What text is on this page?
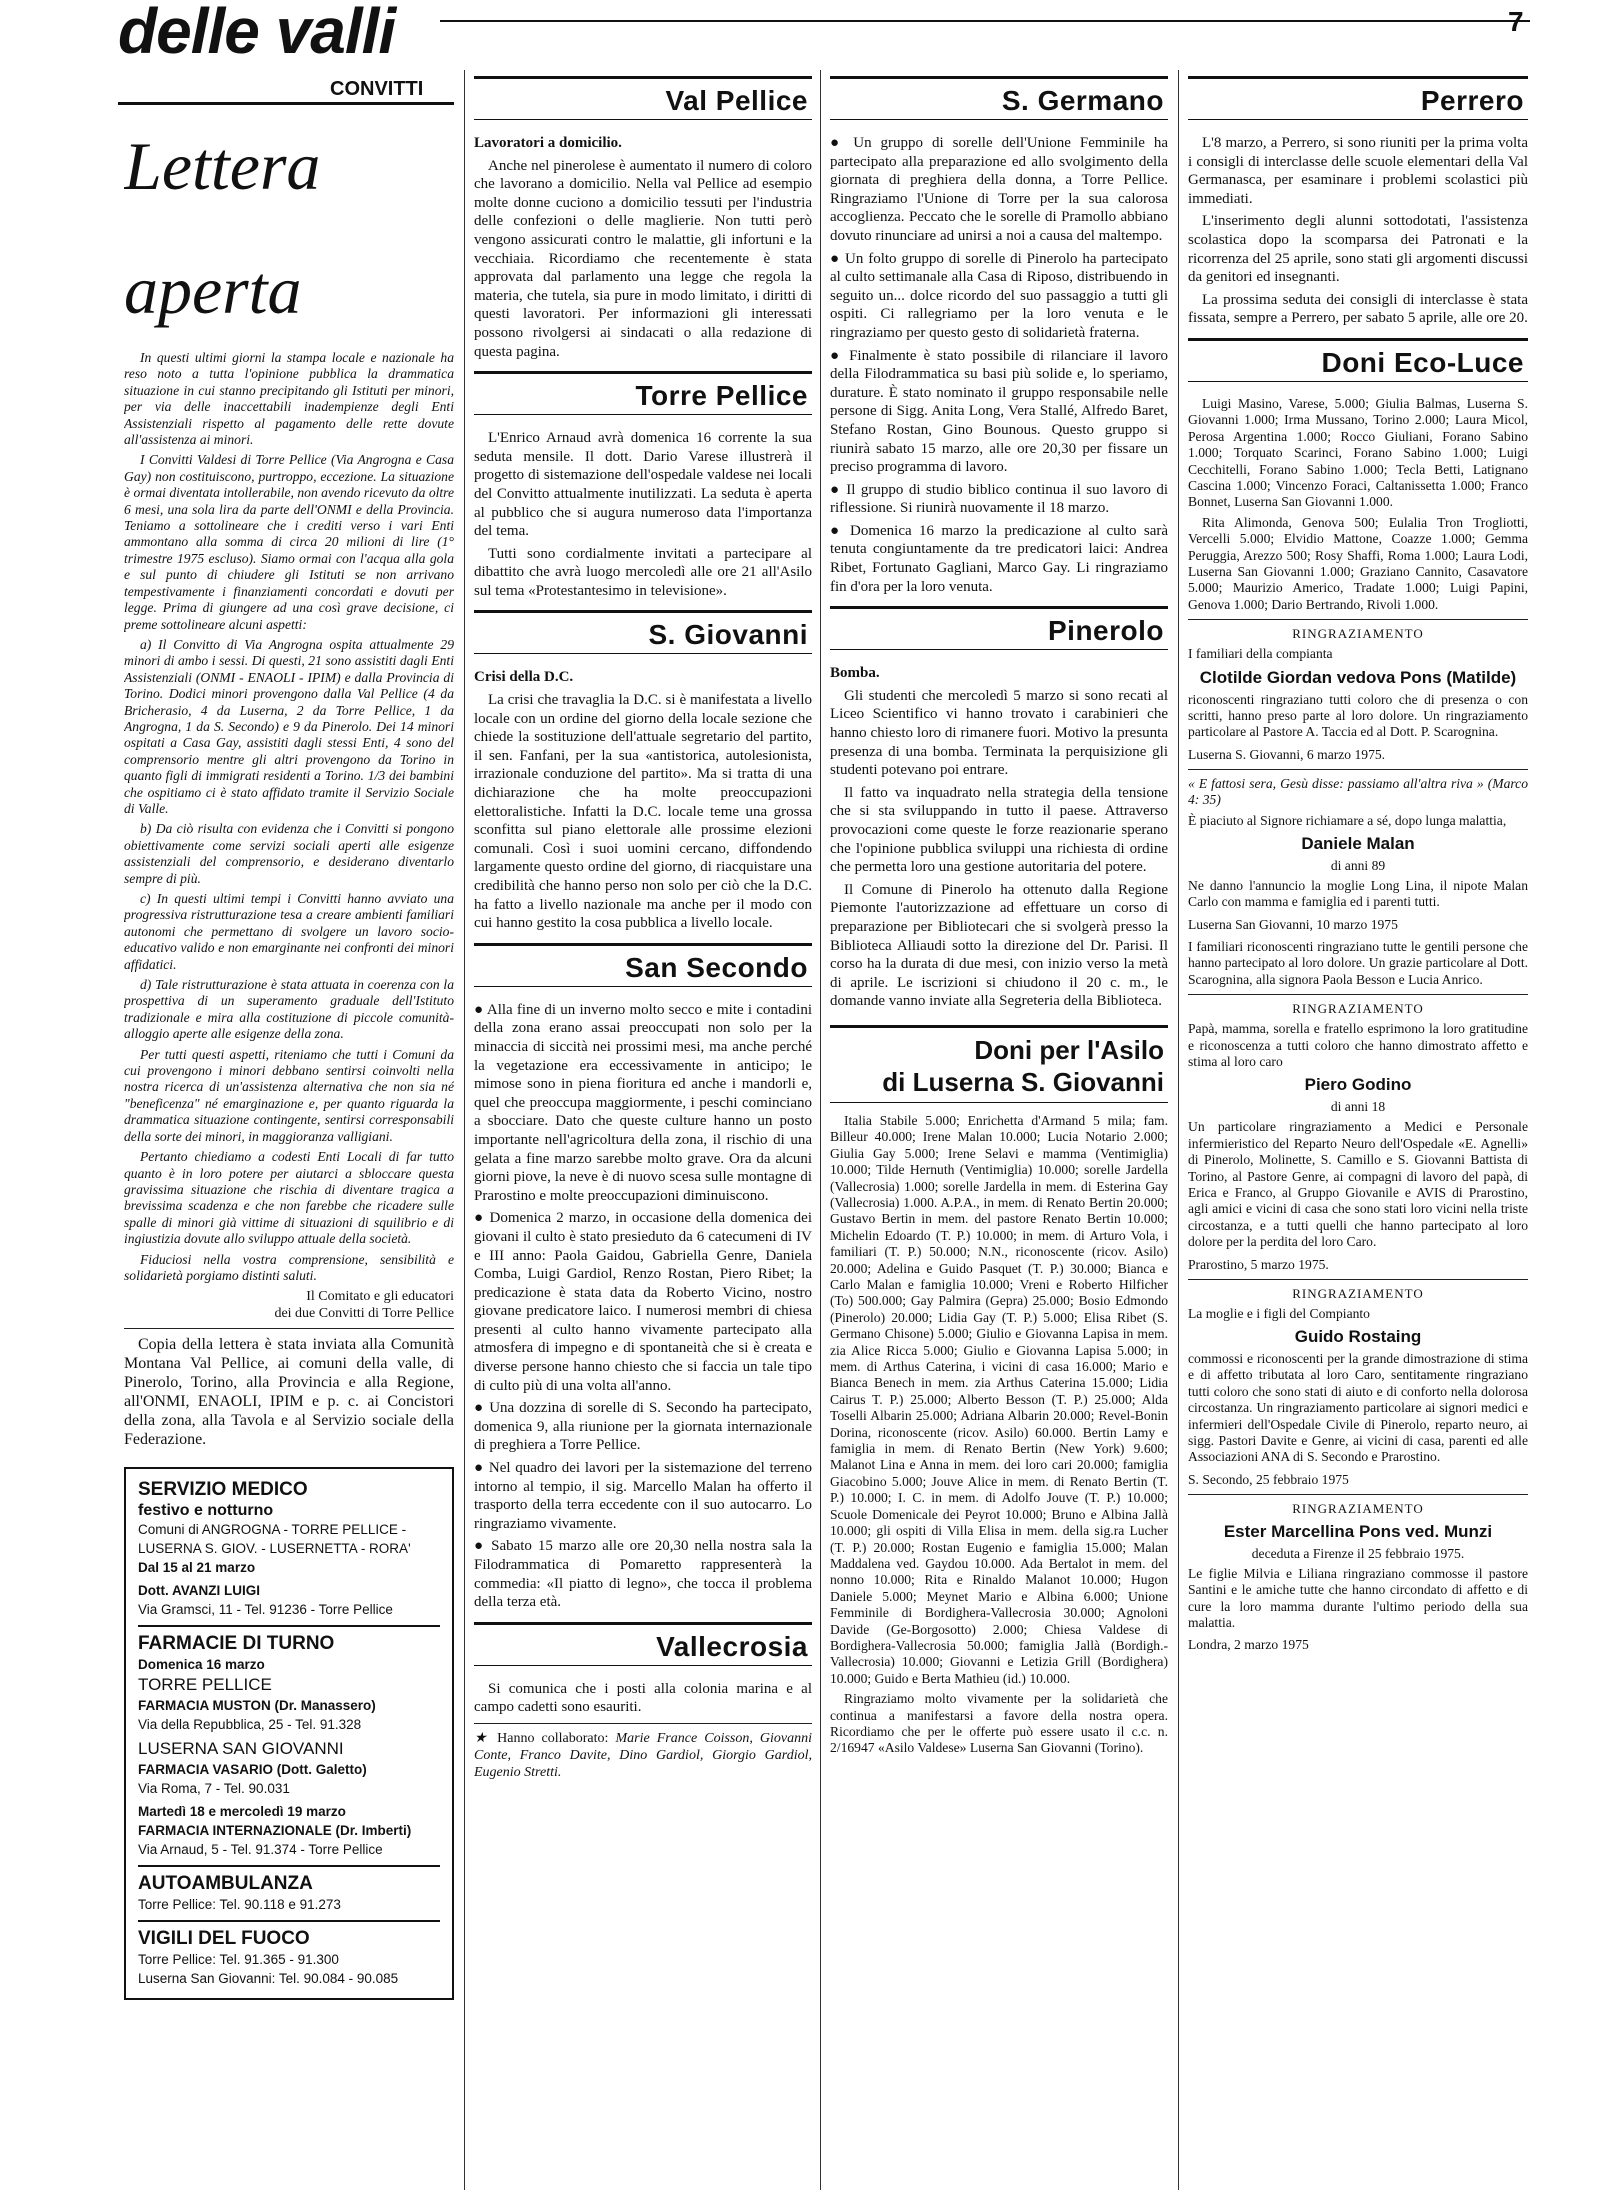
delle valli
CONVITTI
7
Lettera
aperta

In questi ultimi giorni la stampa locale e nazionale ha reso noto a tutta l'opinione pubblica la drammatica situazione in cui stanno precipitando gli Istituti per minori, per via delle inaccettabili inadempienze degli Enti Assistenziali rispetto al pagamento delle rette dovute all'assistenza ai minori.

I Convitti Valdesi di Torre Pellice (Via Angrogna e Casa Gay) non costituiscono, purtroppo, eccezione. La situazione è ormai diventata intollerabile, non avendo ricevuto da oltre 6 mesi, una sola lira da parte dell'ONMI e della Provincia. Teniamo a sottolineare che i crediti verso i vari Enti ammontano alla somma di circa 20 milioni di lire (1° trimestre 1975 escluso). Siamo ormai con l'acqua alla gola e sul punto di chiudere gli Istituti se non arrivano tempestivamente i finanziamenti concordati e dovuti per legge. Prima di giungere ad una così grave decisione, ci preme sottolineare alcuni aspetti:

a) Il Convitto di Via Angrogna ospita attualmente 29 minori di ambo i sessi. Di questi, 21 sono assistiti dagli Enti Assistenziali (ONMI - ENAOLI - IPIM) e dalla Provincia di Torino. Dodici minori provengono dalla Val Pellice (4 da Bricherasio, 4 da Luserna, 2 da Torre Pellice, 1 da Angrogna, 1 da S. Secondo) e 9 da Pinerolo. Dei 14 minori ospitati a Casa Gay, assistiti dagli stessi Enti, 4 sono del comprensorio mentre gli altri provengono da Torino in quanto figli di immigrati residenti a Torino. 1/3 dei bambini che ospitiamo ci è stato affidato tramite il Servizio Sociale di Valle.

b) Da ciò risulta con evidenza che i Convitti si pongono obiettivamente come servizi sociali aperti alle esigenze assistenziali del comprensorio, e desiderano diventarlo sempre di più.

c) In questi ultimi tempi i Convitti hanno avviato una progressiva ristrutturazione tesa a creare ambienti familiari autonomi che permettano di svolgere un lavoro socio-educativo valido e non emarginante nei confronti dei minori affidatici.

d) Tale ristrutturazione è stata attuata in coerenza con la prospettiva di un superamento graduale dell'Istituto tradizionale e mira alla costituzione di piccole comunità-alloggio aperte alle esigenze della zona.

Per tutti questi aspetti, riteniamo che tutti i Comuni da cui provengono i minori debbano sentirsi coinvolti nella nostra ricerca di un'assistenza alternativa che non sia né "beneficenza" né emarginazione e, per quanto riguarda la drammatica situazione contingente, sentirsi corresponsabili della sorte dei minori, in maggioranza valligiani.

Pertanto chiediamo a codesti Enti Locali di far tutto quanto è in loro potere per aiutarci a sbloccare questa gravissima situazione che rischia di diventare tragica a brevissima scadenza e che non farebbe che ricadere sulle spalle di minori già vittime di situazioni di squilibrio e di ingiustizia dovute allo sviluppo attuale della società.

Fiduciosi nella vostra comprensione, sensibilità e solidarietà porgiamo distinti saluti.

Il Comitato e gli educatori
dei due Convitti di Torre Pellice

Copia della lettera è stata inviata alla Comunità Montana Val Pellice, ai comuni della valle, di Pinerolo, Torino, alla Provincia e alla Regione, all'ONMI, ENAOLI, IPIM e p. c. ai Concistori della zona, alla Tavola e al Servizio sociale della Federazione.

SERVIZIO MEDICO
festivo e notturno
Comuni di ANGROGNA - TORRE PELLICE - LUSERNA S. GIOV. - LUSERNETTA - RORA'
Dal 15 al 21 marzo
Dott. AVANZI LUIGI
Via Gramsci, 11 - Tel. 91236 - Torre Pellice
FARMACIE DI TURNO
Domenica 16 marzo
TORRE PELLICE
FARMACIA MUSTON (Dr. Manassero)
Via della Repubblica, 25 - Tel. 91.328
LUSERNA SAN GIOVANNI
FARMACIA VASARIO (Dott. Galetto)
Via Roma, 7 - Tel. 90.031
Martedì 18 e mercoledì 19 marzo
FARMACIA INTERNAZIONALE (Dr. Imberti)
Via Arnaud, 5 - Tel. 91.374 - Torre Pellice
AUTOAMBULANZA
Torre Pellice: Tel. 90.118 e 91.273
VIGILI DEL FUOCO
Torre Pellice: Tel. 91.365 - 91.300
Luserna San Giovanni: Tel. 90.084 - 90.085
Val Pellice

Lavoratori a domicilio.

Anche nel pinerolese è aumentato il numero di coloro che lavorano a domicilio. Nella val Pellice ad esempio molte donne cuciono a domicilio tessuti per l'industria delle confezioni o delle maglierie. Non tutti però vengono assicurati contro le malattie, gli infortuni e la vecchiaia. Ricordiamo che recentemente è stata approvata dal parlamento una legge che regola la materia, che tutela, sia pure in modo limitato, i diritti di questi lavoratori. Per informazioni gli interessati possono rivolgersi ai sindacati o alla redazione di questa pagina.

Torre Pellice

L'Enrico Arnaud avrà domenica 16 corrente la sua seduta mensile. Il dott. Dario Varese illustrerà il progetto di sistemazione dell'ospedale valdese nei locali del Convitto attualmente inutilizzati. La seduta è aperta al pubblico che si augura numeroso data l'importanza del tema.

Tutti sono cordialmente invitati a partecipare al dibattito che avrà luogo mercoledì alle ore 21 all'Asilo sul tema «Protestantesimo in televisione».

S. Giovanni

Crisi della D.C.

La crisi che travaglia la D.C. si è manifestata a livello locale con un ordine del giorno della locale sezione che chiede la sostituzione dell'attuale segretario del partito, il sen. Fanfani, per la sua «antistorica, autolesionista, irrazionale conduzione del partito». Ma si tratta di una dichiarazione che ha molte preoccupazioni elettoralistiche. Infatti la D.C. locale teme una grossa sconfitta sul piano elettorale alle prossime elezioni comunali. Così i suoi uomini cercano, diffondendo largamente questo ordine del giorno, di riacquistare una credibilità che hanno perso non solo per ciò che la D.C. ha fatto a livello nazionale ma anche per il modo con cui hanno gestito la cosa pubblica a livello locale.

San Secondo

● Alla fine di un inverno molto secco e mite i contadini della zona erano assai preoccupati non solo per la minaccia di siccità nei prossimi mesi, ma anche perché la vegetazione era eccessivamente in anticipo; le mimose sono in piena fioritura ed anche i mandorli e, quel che preoccupa maggiormente, i peschi cominciano a sbocciare. Dato che queste culture hanno un posto importante nell'agricoltura della zona, il rischio di una gelata a fine marzo sarebbe molto grave. Ora da alcuni giorni piove, la neve è di nuovo scesa sulle montagne di Prarostino e molte preoccupazioni diminuiscono.

● Domenica 2 marzo, in occasione della domenica dei giovani il culto è stato presieduto da 6 catecumeni di IV e III anno: Paola Gaidou, Gabriella Genre, Daniela Comba, Luigi Gardiol, Renzo Rostan, Piero Ribet; la predicazione è stata data da Roberto Vicino, nostro giovane predicatore laico. I numerosi membri di chiesa presenti al culto hanno vivamente partecipato alla atmosfera di impegno e di spontaneità che si è creata e diverse persone hanno chiesto che si faccia un tale tipo di culto più di una volta all'anno.

● Una dozzina di sorelle di S. Secondo ha partecipato, domenica 9, alla riunione per la giornata internazionale di preghiera a Torre Pellice.

● Nel quadro dei lavori per la sistemazione del terreno intorno al tempio, il sig. Marcello Malan ha offerto il trasporto della terra eccedente con il suo autocarro. Lo ringraziamo vivamente.

● Sabato 15 marzo alle ore 20,30 nella nostra sala la Filodrammatica di Pomaretto rappresenterà la commedia: «Il piatto di legno», che tocca il problema della terza età.

Vallecrosia

Si comunica che i posti alla colonia marina e al campo cadetti sono esauriti.

★ Hanno collaborato: Marie France Coisson, Giovanni Conte, Franco Davite, Dino Gardiol, Giorgio Gardiol, Eugenio Stretti.

S. Germano

● Un gruppo di sorelle dell'Unione Femminile ha partecipato alla preparazione ed allo svolgimento della giornata di preghiera della donna, a Torre Pellice. Ringraziamo l'Unione di Torre per la sua calorosa accoglienza. Peccato che le sorelle di Pramollo abbiano dovuto rinunciare ad unirsi a noi a causa del maltempo.

● Un folto gruppo di sorelle di Pinerolo ha partecipato al culto settimanale alla Casa di Riposo, distribuendo in seguito un... dolce ricordo del suo passaggio a tutti gli ospiti. Ci rallegriamo per la loro venuta e le ringraziamo per questo gesto di solidarietà fraterna.

● Finalmente è stato possibile di rilanciare il lavoro della Filodrammatica su basi più solide e, lo speriamo, durature. È stato nominato il gruppo responsabile nelle persone di Sigg. Anita Long, Vera Stallé, Alfredo Baret, Stefano Rostan, Gino Bounous. Questo gruppo si riunirà sabato 15 marzo, alle ore 20,30 per fissare un preciso programma di lavoro.

● Il gruppo di studio biblico continua il suo lavoro di riflessione. Si riunirà nuovamente il 18 marzo.

● Domenica 16 marzo la predicazione al culto sarà tenuta congiuntamente da tre predicatori laici: Andrea Ribet, Fortunato Gagliani, Marco Gay. Li ringraziamo fin d'ora per la loro venuta.

Pinerolo

Bomba.

Gli studenti che mercoledì 5 marzo si sono recati al Liceo Scientifico vi hanno trovato i carabinieri che hanno chiesto loro di rimanere fuori. Motivo la presunta presenza di una bomba. Terminata la perquisizione gli studenti potevano poi entrare.

Il fatto va inquadrato nella strategia della tensione che si sta sviluppando in tutto il paese. Attraverso provocazioni come queste le forze reazionarie sperano che l'opinione pubblica sviluppi una richiesta di ordine che permetta loro una gestione autoritaria del potere.

Il Comune di Pinerolo ha ottenuto dalla Regione Piemonte l'autorizzazione ad effettuare un corso di preparazione per Bibliotecari che si svolgerà presso la Biblioteca Alliaudi sotto la direzione del Dr. Parisi. Il corso ha la durata di due mesi, con inizio verso la metà di aprile. Le iscrizioni si chiudono il 20 c. m., le domande vanno inviate alla Segreteria della Biblioteca.

Doni per l'Asilo
di Luserna S. Giovanni

Italia Stabile 5.000; Enrichetta d'Armand 5 mila; fam. Billeur 40.000; Irene Malan 10.000; Lucia Notario 2.000; Giulia Gay 5.000; Irene Selavi e mamma (Ventimiglia) 10.000; Tilde Hernuth (Ventimiglia) 10.000; sorelle Jardella (Vallecrosia) 1.000; sorelle Jardella in mem. di Esterina Gay (Vallecrosia) 1.000. A.P.A., in mem. di Renato Bertin 20.000; Gustavo Bertin in mem. del pastore Renato Bertin 10.000; Michelin Edoardo (T. P.) 10.000; in mem. di Arturo Vola, i familiari (T. P.) 50.000; N.N., riconoscente (ricov. Asilo) 20.000; Adelina e Guido Pasquet (T. P.) 30.000; Bianca e Carlo Malan e famiglia 10.000; Vreni e Roberto Hilficher (To) 500.000; Gay Palmira (Gepra) 25.000; Bosio Edmondo (Pinerolo) 20.000; Lidia Gay (T. P.) 5.000; Elisa Ribet (S. Germano Chisone) 5.000; Giulio e Giovanna Lapisa in mem. zia Alice Ricca 5.000; Giulio e Giovanna Lapisa 5.000; in mem. di Arthus Caterina, i vicini di casa 16.000; Mario e Bianca Benech in mem. zia Arthus Caterina 15.000; Lidia Cairus T. P.) 25.000; Alberto Besson (T. P.) 25.000; Alda Toselli Albarin 25.000; Adriana Albarin 20.000; Revel-Bonin Dorina, riconoscente (ricov. Asilo) 60.000. Bertin Lamy e famiglia in mem. di Renato Bertin (New York) 9.600; Malanot Lina e Anna in mem. dei loro cari 20.000; famiglia Giacobino 5.000; Jouve Alice in mem. di Renato Bertin (T. P.) 10.000; I. C. in mem. di Adolfo Jouve (T. P.) 10.000; Scuole Domenicale dei Peyrot 10.000; Bruno e Albina Jallà 10.000; gli ospiti di Villa Elisa in mem. della sig.ra Lucher (T. P.) 20.000; Rostan Eugenio e famiglia 15.000; Malan Maddalena ved. Gaydou 10.000. Ada Bertalot in mem. del nonno 10.000; Rita e Rinaldo Malanot 10.000; Hugon Daniele 5.000; Meynet Mario e Albina 6.000; Unione Femminile di Bordighera-Vallecrosia 30.000; Agnoloni Davide (Ge-Borgosotto) 2.000; Chiesa Valdese di Bordighera-Vallecrosia 50.000; famiglia Jallà (Bordigh.-Vallecrosia) 10.000; Giovanni e Letizia Grill (Bordighera) 10.000; Guido e Berta Mathieu (id.) 10.000.

Ringraziamo molto vivamente per la solidarietà che continua a manifestarsi a favore della nostra opera. Ricordiamo che per le offerte può essere usato il c.c. n. 2/16947 «Asilo Valdese» Luserna San Giovanni (Torino).

Perrero

L'8 marzo, a Perrero, si sono riuniti per la prima volta i consigli di interclasse delle scuole elementari della Val Germanasca, per esaminare i problemi scolastici più immediati.

L'inserimento degli alunni sottodotati, l'assistenza scolastica dopo la scomparsa dei Patronati e la ricorrenza del 25 aprile, sono stati gli argomenti discussi da genitori ed insegnanti.

La prossima seduta dei consigli di interclasse è stata fissata, sempre a Perrero, per sabato 5 aprile, alle ore 20.

Doni Eco-Luce

Luigi Masino, Varese, 5.000; Giulia Balmas, Luserna S. Giovanni 1.000; Irma Mussano, Torino 2.000; Laura Micol, Perosa Argentina 1.000; Rocco Giuliani, Forano Sabino 1.000; Torquato Scarinci, Forano Sabino 1.000; Luigi Cecchitelli, Forano Sabino 1.000; Tecla Betti, Latignano Cascina 1.000; Vincenzo Foraci, Caltanissetta 1.000; Franco Bonnet, Luserna San Giovanni 1.000.

Rita Alimonda, Genova 500; Eulalia Tron Trogliotti, Vercelli 5.000; Elvidio Mattone, Coazze 1.000; Gemma Peruggia, Arezzo 500; Rosy Shaffi, Roma 1.000; Laura Lodi, Luserna San Giovanni 1.000; Graziano Cannito, Casavatore 5.000; Maurizio Americo, Tradate 1.000; Luigi Papini, Genova 1.000; Dario Bertrando, Rivoli 1.000.

RINGRAZIAMENTO

I familiari della compianta

Clotilde Giordan vedova Pons (Matilde)

riconoscenti ringraziano tutti coloro che di presenza o con scritti, hanno preso parte al loro dolore. Un ringraziamento particolare al Pastore A. Taccia ed al Dott. P. Scarognina.

Luserna S. Giovanni, 6 marzo 1975.

« E fattosi sera, Gesù disse: passiamo all'altra riva » (Marco 4: 35)

È piaciuto al Signore richiamare a sé, dopo lunga malattia,

Daniele Malan
di anni 89

Ne danno l'annuncio la moglie Long Lina, il nipote Malan Carlo con mamma e famiglia ed i parenti tutti.

Luserna San Giovanni, 10 marzo 1975

I familiari riconoscenti ringraziano tutte le gentili persone che hanno partecipato al loro dolore. Un grazie particolare al Dott. Scarognina, alla signora Paola Besson e Lucia Anrico.

RINGRAZIAMENTO

Papà, mamma, sorella e fratello esprimono la loro gratitudine e riconoscenza a tutti coloro che hanno dimostrato affetto e stima al loro caro

Piero Godino
di anni 18

Un particolare ringraziamento a Medici e Personale infermieristico del Reparto Neuro dell'Ospedale «E. Agnelli» di Pinerolo, Molinette, S. Camillo e S. Giovanni Battista di Torino, al Pastore Genre, ai compagni di lavoro del papà, di Erica e Franco, al Gruppo Giovanile e AVIS di Prarostino, agli amici e vicini di casa che sono stati loro vicini nella triste circostanza, e a tutti quelli che hanno partecipato al loro dolore per la perdita del loro Caro.

Prarostino, 5 marzo 1975.
RINGRAZIAMENTO

La moglie e i figli del Compianto

Guido Rostaing

commossi e riconoscenti per la grande dimostrazione di stima e di affetto tributata al loro Caro, sentitamente ringraziano tutti coloro che sono stati di aiuto e di conforto nella dolorosa circostanza. Un ringraziamento particolare ai signori medici e infermieri dell'Ospedale Civile di Pinerolo, reparto neuro, ai sigg. Pastori Davite e Genre, ai vicini di casa, parenti ed alle Associazioni ANA di S. Secondo e Prarostino.

S. Secondo, 25 febbraio 1975
RINGRAZIAMENTO
Ester Marcellina Pons ved. Munzi
deceduta a Firenze il 25 febbraio 1975.

Le figlie Milvia e Liliana ringraziano commosse il pastore Santini e le amiche tutte che hanno circondato di affetto e di cure la loro mamma durante l'ultimo periodo della sua malattia.

Londra, 2 marzo 1975
